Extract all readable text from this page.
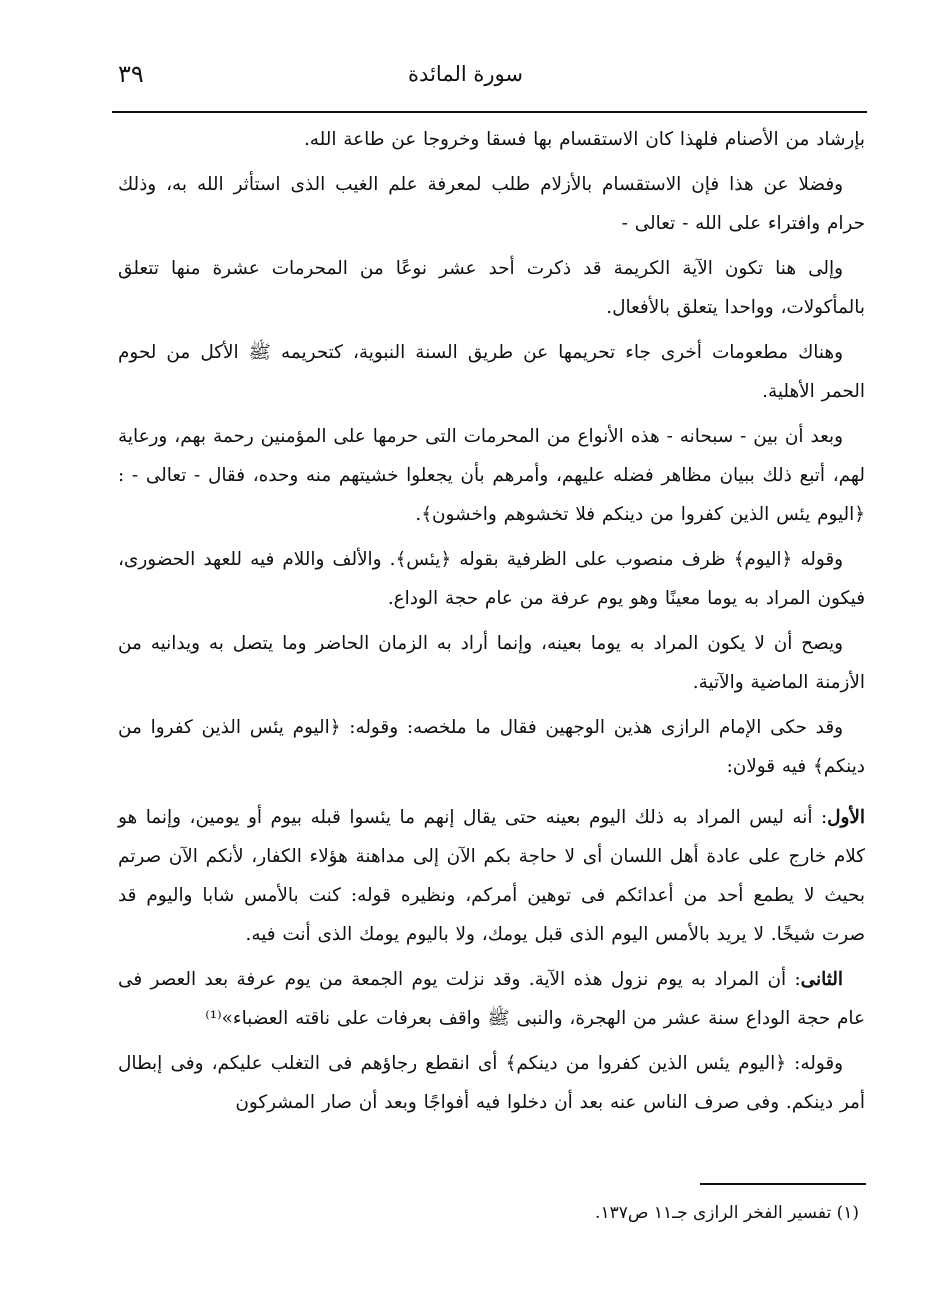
٣٩	سورة المائدة

بإرشاد من الأصنام فلهذا كان الاستقسام بها فسقا وخروجا عن طاعة الله.

وفضلا عن هذا فإن الاستقسام بالأزلام طلب لمعرفة علم الغيب الذى استأثر الله به، وذلك حرام وافتراء على الله - تعالى -

وإلى هنا تكون الآية الكريمة قد ذكرت أحد عشر نوعًا من المحرمات عشرة منها تتعلق بالمأكولات، وواحدا يتعلق بالأفعال.

وهناك مطعومات أخرى جاء تحريمها عن طريق السنة النبوية، كتحريمه ﷺ الأكل من لحوم الحمر الأهلية.

وبعد أن بين - سبحانه - هذه الأنواع من المحرمات التى حرمها على المؤمنين رحمة بهم، ورعاية لهم، أتبع ذلك ببيان مظاهر فضله عليهم، وأمرهم بأن يجعلوا خشيتهم منه وحده، فقال - تعالى - : ﴿اليوم يئس الذين كفروا من دينكم فلا تخشوهم واخشون﴾.

وقوله ﴿اليوم﴾ ظرف منصوب على الظرفية بقوله ﴿يئس﴾. والألف واللام فيه للعهد الحضورى، فيكون المراد به يوما معينًا وهو يوم عرفة من عام حجة الوداع.

ويصح أن لا يكون المراد به يوما بعينه، وإنما أراد به الزمان الحاضر وما يتصل به ويدانيه من الأزمنة الماضية والآتية.

وقد حكى الإمام الرازى هذين الوجهين فقال ما ملخصه: وقوله: ﴿اليوم يئس الذين كفروا من دينكم﴾ فيه قولان:

الأول: أنه ليس المراد به ذلك اليوم بعينه حتى يقال إنهم ما يئسوا قبله بيوم أو يومين، وإنما هو كلام خارج على عادة أهل اللسان أى لا حاجة بكم الآن إلى مداهنة هؤلاء الكفار، لأنكم الآن صرتم بحيث لا يطمع أحد من أعدائكم فى توهين أمركم، ونظيره قوله: كنت بالأمس شابا واليوم قد صرت شيخًا. لا يريد بالأمس اليوم الذى قبل يومك، ولا باليوم يومك الذى أنت فيه.

الثانى: أن المراد به يوم نزول هذه الآية. وقد نزلت يوم الجمعة من يوم عرفة بعد العصر فى عام حجة الوداع سنة عشر من الهجرة، والنبى ﷺ واقف بعرفات على ناقته العضباء»⁽¹⁾

وقوله: ﴿اليوم يئس الذين كفروا من دينكم﴾ أى انقطع رجاؤهم فى التغلب عليكم، وفى إبطال أمر دينكم. وفى صرف الناس عنه بعد أن دخلوا فيه أفواجًا وبعد أن صار المشركون

(١) تفسير الفخر الرازى جـ١١ ص١٣٧.
